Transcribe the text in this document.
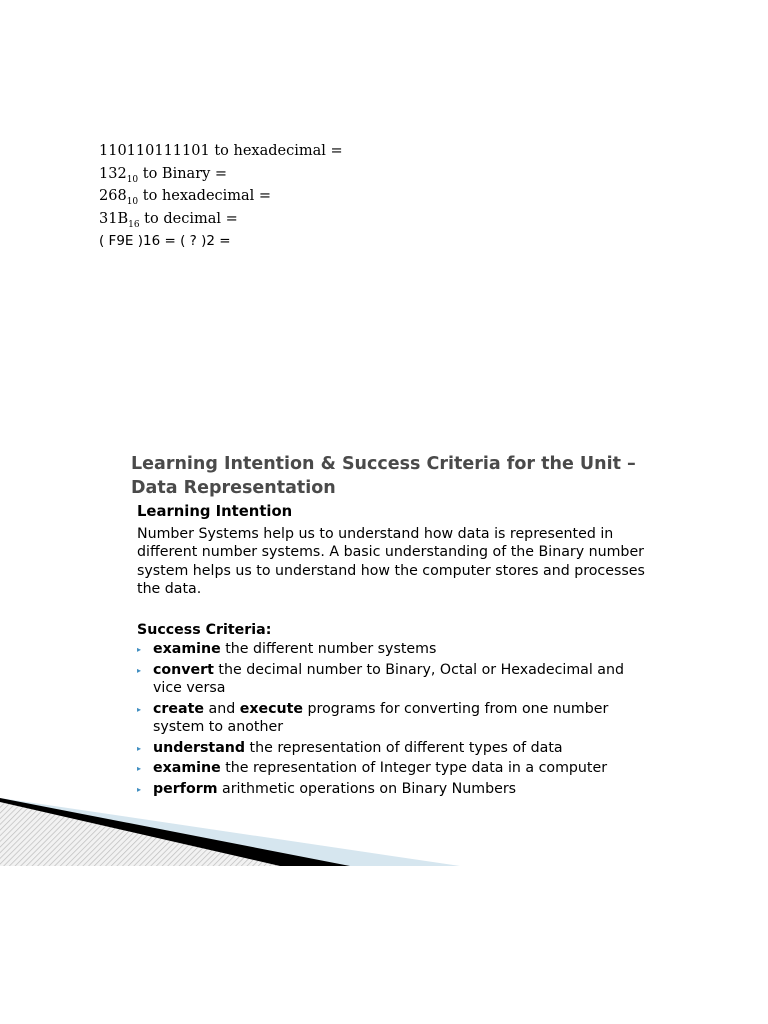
110110111101 to hexadecimal =
$132_{10}$ to Binary =
$268_{10}$ to hexadecimal =
$31B_{16}$ to decimal =
( F9E )16 = ( ? )2 =
Learning Intention & Success Criteria for the Unit – Data Representation

Learning Intention

Number Systems help us to understand how data is represented in different number systems. A basic understanding of the Binary number system helps us to understand how the computer stores and processes the data.

Success Criteria:

▸ examine the different number systems
▸ convert the decimal number to Binary, Octal or Hexadecimal and vice versa
▸ create and execute programs for converting from one number system to another
▸ understand the representation of different types of data
▸ examine the representation of Integer type data in a computer
▸ perform arithmetic operations on Binary Numbers
